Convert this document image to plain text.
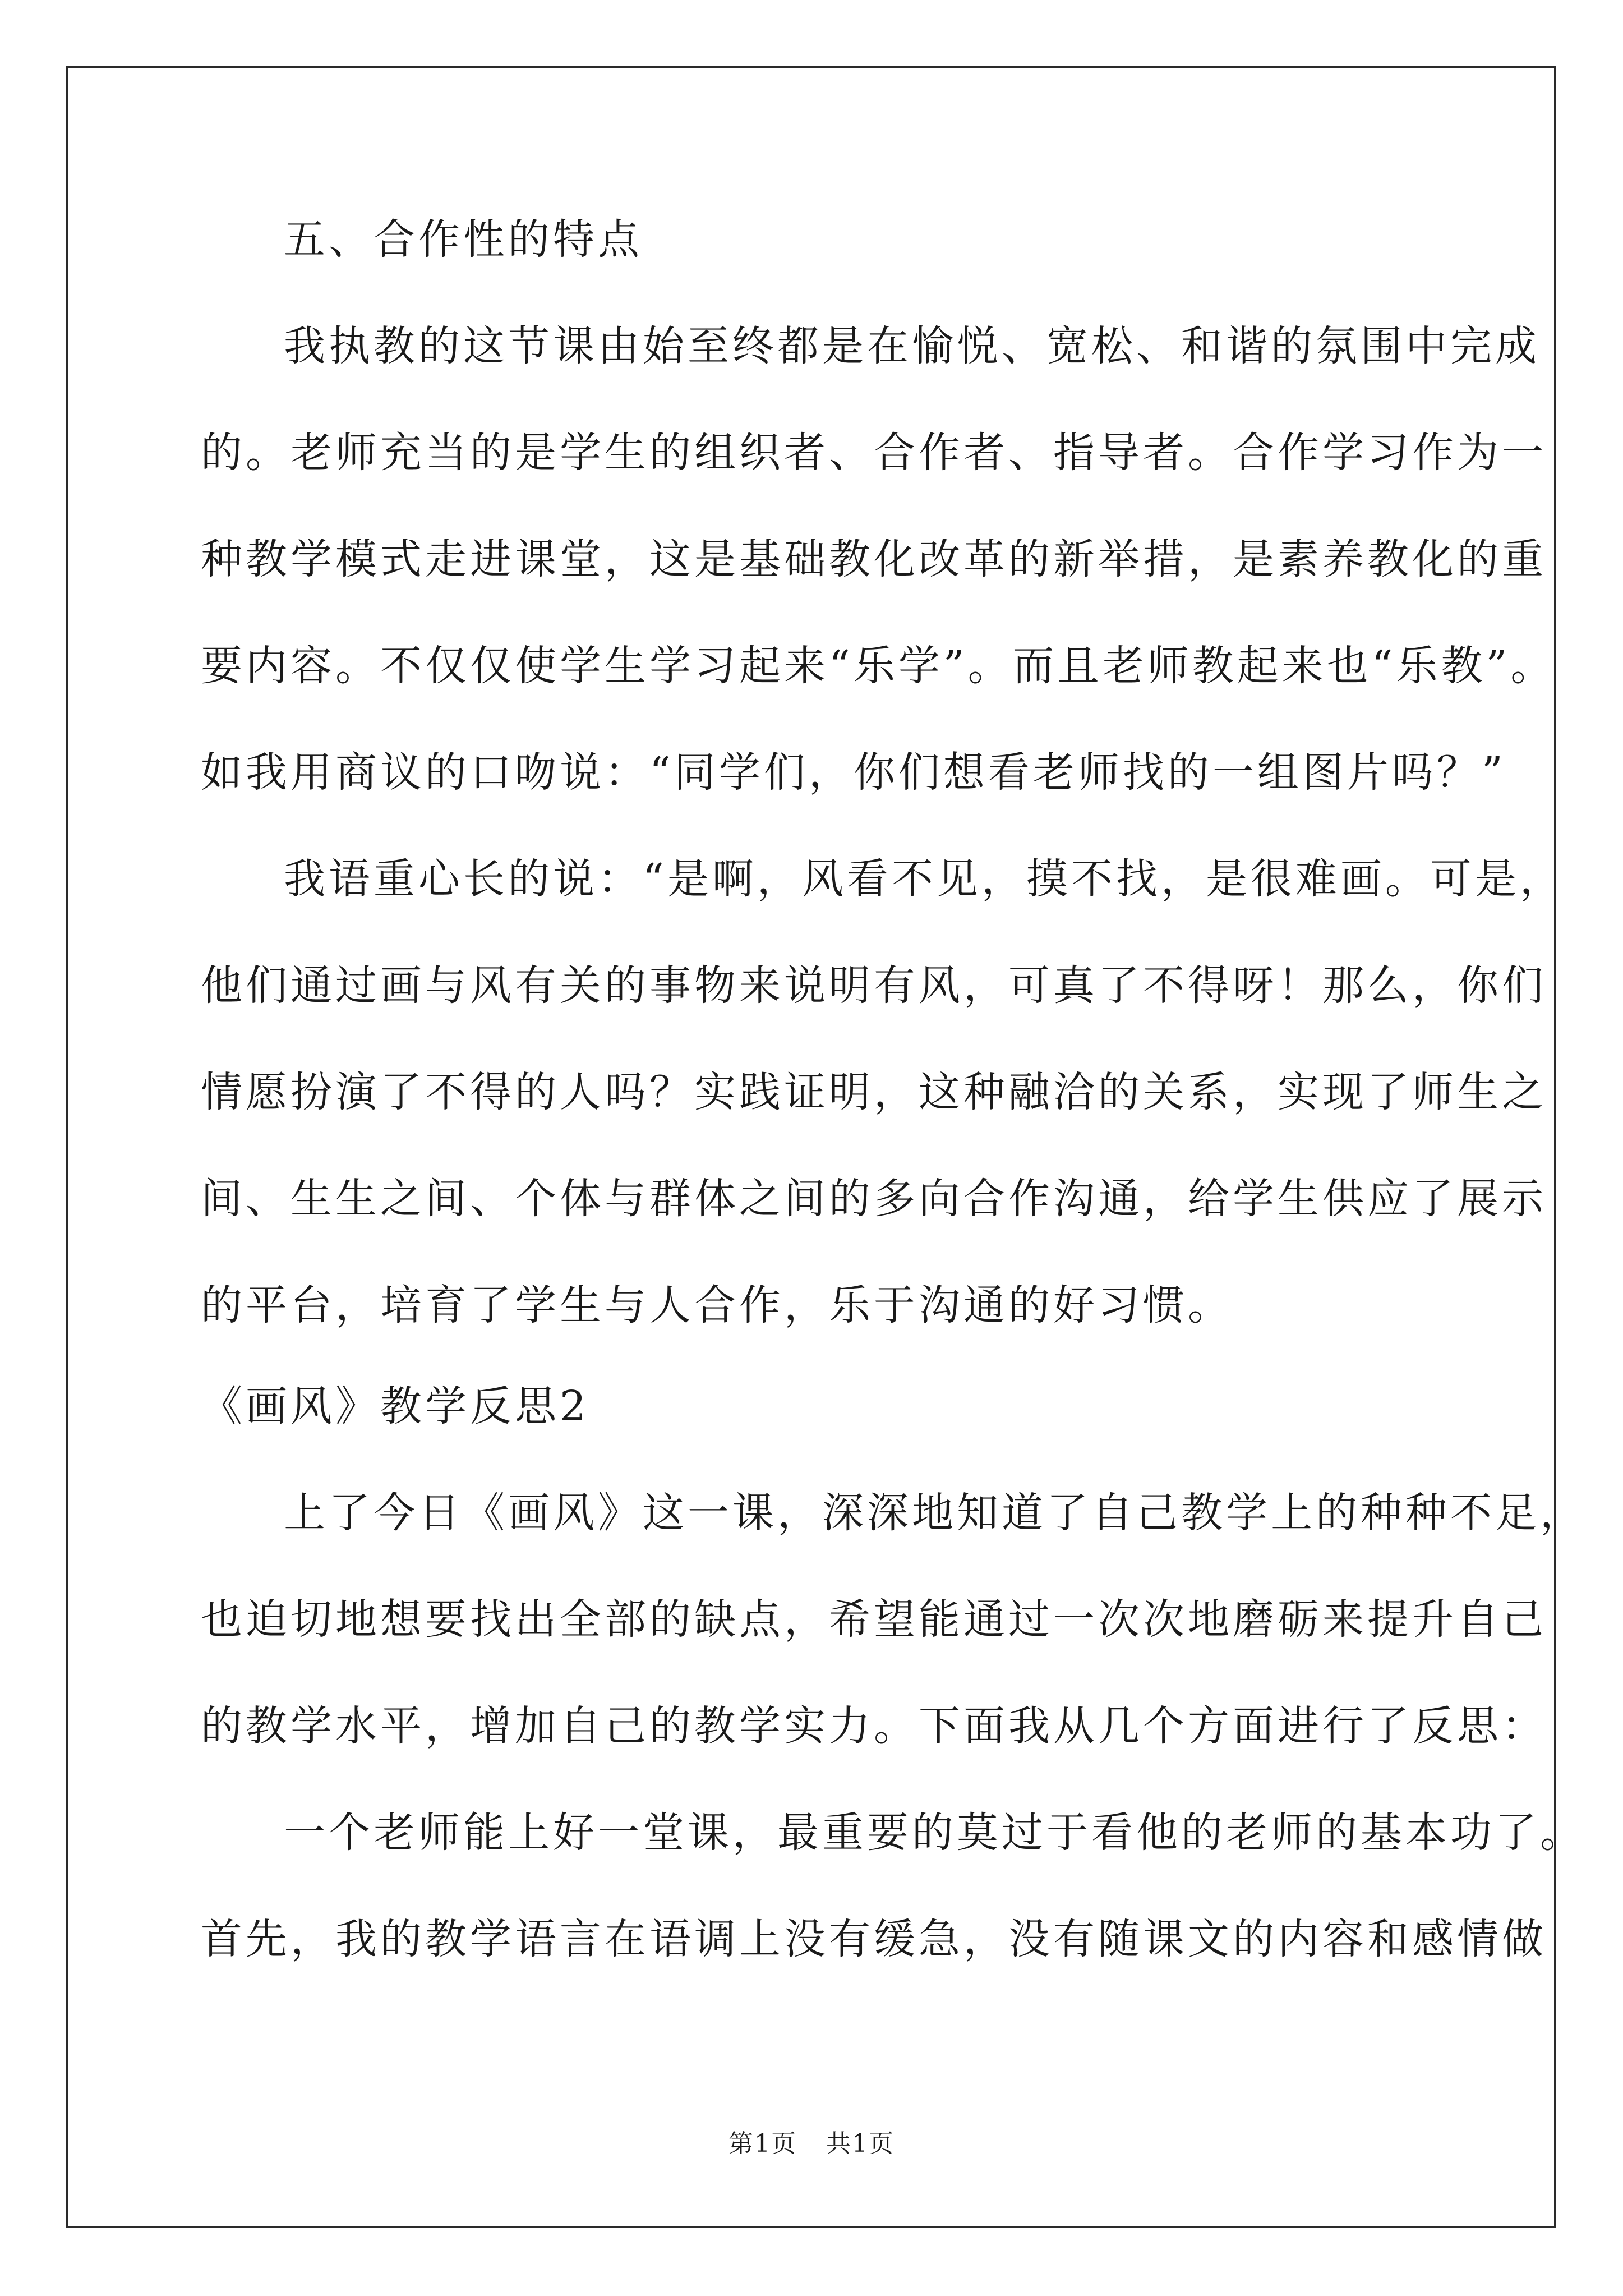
五、合作性的特点
我执教的这节课由始至终都是在愉悦、宽松、和谐的氛围中完成
的。老师充当的是学生的组织者、合作者、指导者。合作学习作为一
种教学模式走进课堂，这是基础教化改革的新举措，是素养教化的重
要内容。不仅仅使学生学习起来“乐学”。而且老师教起来也“乐教”。
如我用商议的口吻说：“同学们，你们想看老师找的一组图片吗？”
我语重心长的说：“是啊，风看不见，摸不找，是很难画。可是，
他们通过画与风有关的事物来说明有风，可真了不得呀！那么，你们
情愿扮演了不得的人吗？实践证明，这种融洽的关系，实现了师生之
间、生生之间、个体与群体之间的多向合作沟通，给学生供应了展示
的平台，培育了学生与人合作，乐于沟通的好习惯。
《画风》教学反思2
上了今日《画风》这一课，深深地知道了自己教学上的种种不足，
也迫切地想要找出全部的缺点，希望能通过一次次地磨砺来提升自己
的教学水平，增加自己的教学实力。下面我从几个方面进行了反思：
一个老师能上好一堂课，最重要的莫过于看他的老师的基本功了。
首先，我的教学语言在语调上没有缓急，没有随课文的内容和感情做
第1页 共1页
